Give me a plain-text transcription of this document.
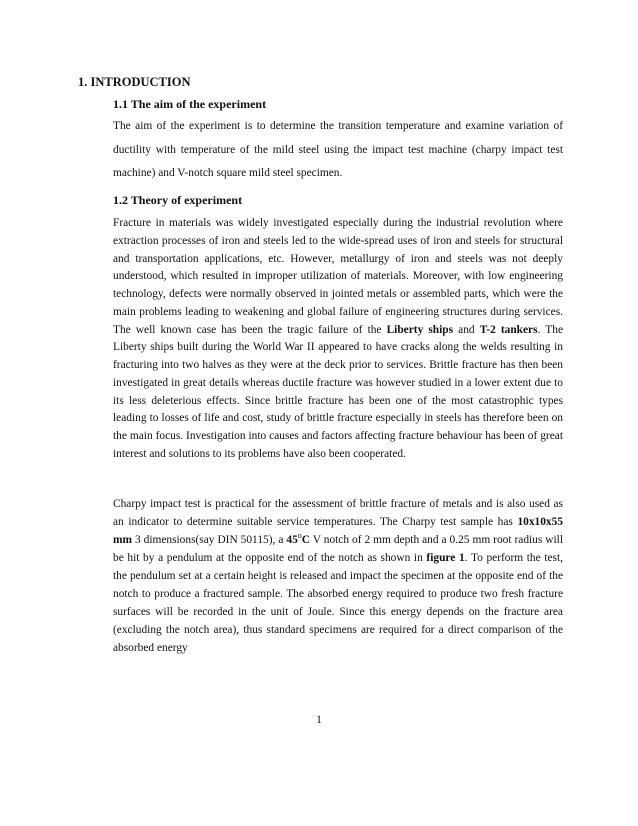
1. INTRODUCTION

1.1 The aim of the experiment

The aim of the experiment is to determine the transition temperature and examine variation of ductility with temperature of the mild steel using the impact test machine (charpy impact test machine) and V-notch square mild steel specimen.

1.2 Theory of experiment

Fracture in materials was widely investigated especially during the industrial revolution where extraction processes of iron and steels led to the wide-spread uses of iron and steels for structural and transportation applications, etc. However, metallurgy of iron and steels was not deeply understood, which resulted in improper utilization of materials. Moreover, with low engineering technology, defects were normally observed in jointed metals or assembled parts, which were the main problems leading to weakening and global failure of engineering structures during services. The well known case has been the tragic failure of the Liberty ships and T-2 tankers. The Liberty ships built during the World War II appeared to have cracks along the welds resulting in fracturing into two halves as they were at the deck prior to services. Brittle fracture has then been investigated in great details whereas ductile fracture was however studied in a lower extent due to its less deleterious effects. Since brittle fracture has been one of the most catastrophic types leading to losses of life and cost, study of brittle fracture especially in steels has therefore been on the main focus. Investigation into causes and factors affecting fracture behaviour has been of great interest and solutions to its problems have also been cooperated.

Charpy impact test is practical for the assessment of brittle fracture of metals and is also used as an indicator to determine suitable service temperatures. The Charpy test sample has 10x10x55 mm 3 dimensions(say DIN 50115), a 45$^o$C V notch of 2 mm depth and a 0.25 mm root radius will be hit by a pendulum at the opposite end of the notch as shown in figure 1. To perform the test, the pendulum set at a certain height is released and impact the specimen at the opposite end of the notch to produce a fractured sample. The absorbed energy required to produce two fresh fracture surfaces will be recorded in the unit of Joule. Since this energy depends on the fracture area (excluding the notch area), thus standard specimens are required for a direct comparison of the absorbed energy

1
